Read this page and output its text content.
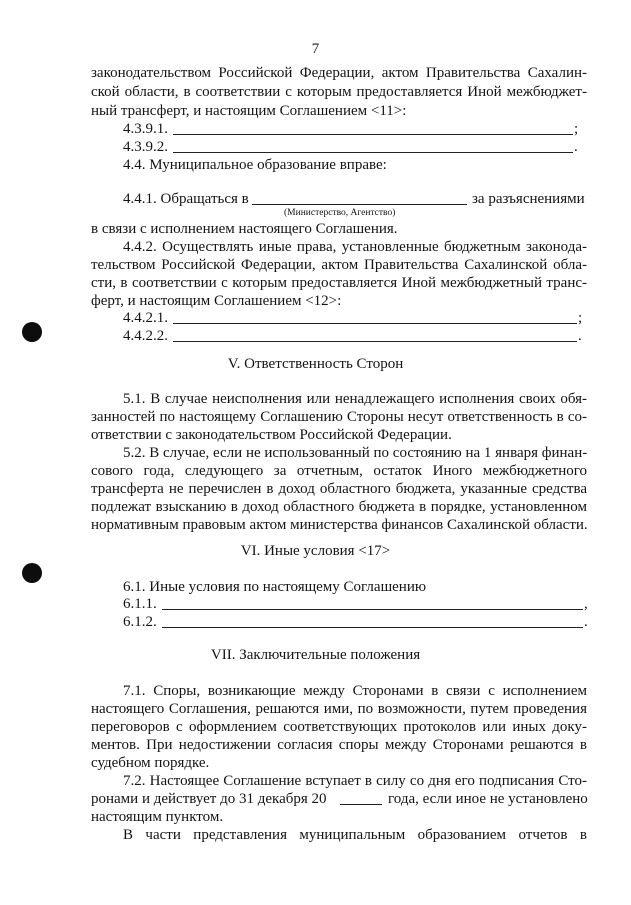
7
законодательством Российской Федерации, актом Правительства Сахалин-
ской области, в соответствии с которым предоставляется Иной межбюджет-
ный трансферт, и настоящим Соглашением <11>:
4.3.9.1.	;
4.3.9.2.	.
4.4. Муниципальное образование вправе:
4.4.1. Обращаться в	за разъяснениями
(Министерство, Агентство)
в связи с исполнением настоящего Соглашения.
4.4.2. Осуществлять иные права, установленные бюджетным законода-
тельством Российской Федерации, актом Правительства Сахалинской обла-
сти, в соответствии с которым предоставляется Иной межбюджетный транс-
ферт, и настоящим Соглашением <12>:
4.4.2.1.	;
4.4.2.2.	.
V. Ответственность Сторон
5.1. В случае неисполнения или ненадлежащего исполнения своих обя-
занностей по настоящему Соглашению Стороны несут ответственность в со-
ответствии с законодательством Российской Федерации.
5.2. В случае, если не использованный по состоянию на 1 января финан-
сового года, следующего за отчетным, остаток Иного межбюджетного
трансферта не перечислен в доход областного бюджета, указанные средства
подлежат взысканию в доход областного бюджета в порядке, установленном
нормативным правовым актом министерства финансов Сахалинской области.
VI. Иные условия <17>
6.1. Иные условия по настоящему Соглашению
6.1.1.	,
6.1.2.	.
VII. Заключительные положения
7.1. Споры, возникающие между Сторонами в связи с исполнением
настоящего Соглашения, решаются ими, по возможности, путем проведения
переговоров с оформлением соответствующих протоколов или иных доку-
ментов. При недостижении согласия споры между Сторонами решаются в
судебном порядке.
7.2. Настоящее Соглашение вступает в силу со дня его подписания Сто-
ронами и действует до 31 декабря 20	года, если иное не установлено
настоящим пунктом.
В части представления муниципальным образованием отчетов в
